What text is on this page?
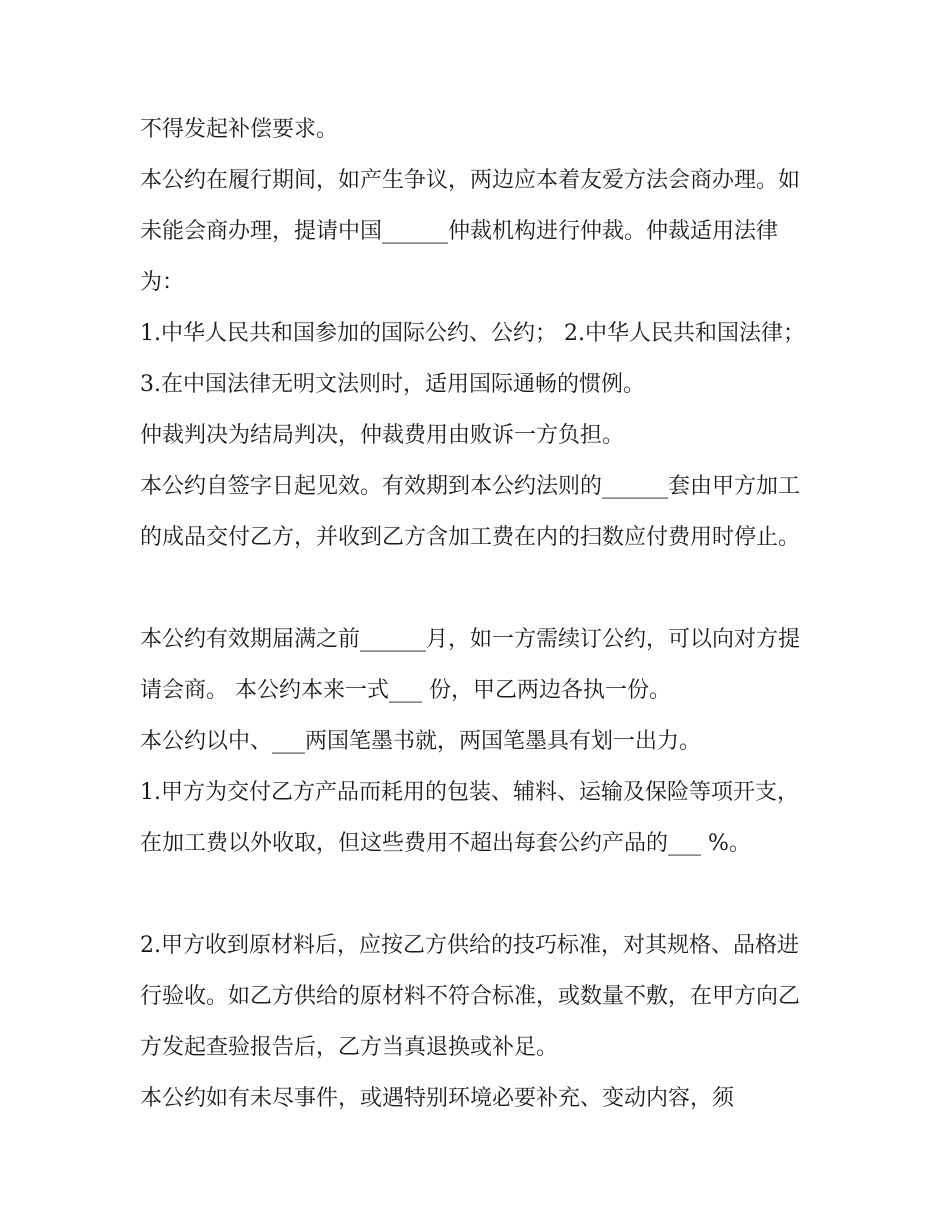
不得发起补偿要求。

本公约在履行期间，如产生争议，两边应本着友爱方法会商办理。如未能会商办理，提请中国______仲裁机构进行仲裁。仲裁适用法律为：

1.中华人民共和国参加的国际公约、公约； 2.中华人民共和国法律； 3.在中国法律无明文法则时，适用国际通畅的惯例。

仲裁判决为结局判决，仲裁费用由败诉一方负担。

本公约自签字日起见效。有效期到本公约法则的______套由甲方加工的成品交付乙方，并收到乙方含加工费在内的扫数应付费用时停止。

本公约有效期届满之前______月，如一方需续订公约，可以向对方提请会商。 本公约本来一式___ 份，甲乙两边各执一份。

本公约以中、___两国笔墨书就，两国笔墨具有划一出力。

1.甲方为交付乙方产品而耗用的包装、辅料、运输及保险等项开支，在加工费以外收取，但这些费用不超出每套公约产品的___ %。

2.甲方收到原材料后，应按乙方供给的技巧标准，对其规格、品格进行验收。如乙方供给的原材料不符合标准，或数量不敷，在甲方向乙方发起查验报告后，乙方当真退换或补足。

本公约如有未尽事件，或遇特别环境必要补充、变动内容，须
